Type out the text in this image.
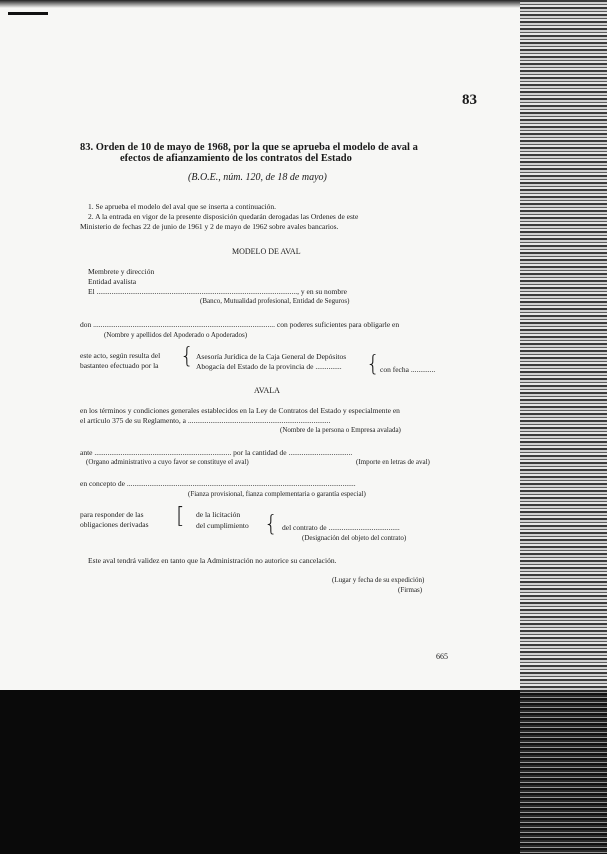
83
83. Orden de 10 de mayo de 1968, por la que se aprueba el modelo de aval a
efectos de afianzamiento de los contratos del Estado
(B.O.E., núm. 120, de 18 de mayo)
1. Se aprueba el modelo del aval que se inserta a continuación.
2. A la entrada en vigor de la presente disposición quedarán derogadas las Ordenes de este
Ministerio de fechas 22 de junio de 1961 y 2 de mayo de 1962 sobre avales bancarios.
MODELO DE AVAL
Membrete y dirección
Entidad avalista
El ..........................................................................................................., y en su nombre
(Banco, Mutualidad profesional, Entidad de Seguros)
don ................................................................................................. con poderes suficientes para obligarle en
(Nombre y apellidos del Apoderado o Apoderados)
este acto, según resulta del
bastanteo efectuado por la { Asesoría Jurídica de la Caja General de Depósitos
Abogacía del Estado de la provincia de .............. { con fecha .............
AVALA
en los términos y condiciones generales establecidos en la Ley de Contratos del Estado y especialmente en
el artículo 375 de su Reglamento, a ............................................................................
(Nombre de la persona o Empresa avalada)
ante ......................................................................... por la cantidad de ..................................
(Organo administrativo a cuyo favor se constituye el aval)	(Importe en letras de aval)
en concepto de ..........................................................................................................................
(Fianza provisional, fianza complementaria o garantía especial)
para responder de las
obligaciones derivadas [ de la licitación
del cumplimiento { del contrato de ......................................
(Designación del objeto del contrato)
Este aval tendrá validez en tanto que la Administración no autorice su cancelación.
(Lugar y fecha de su expedición)
(Firmas)
665
